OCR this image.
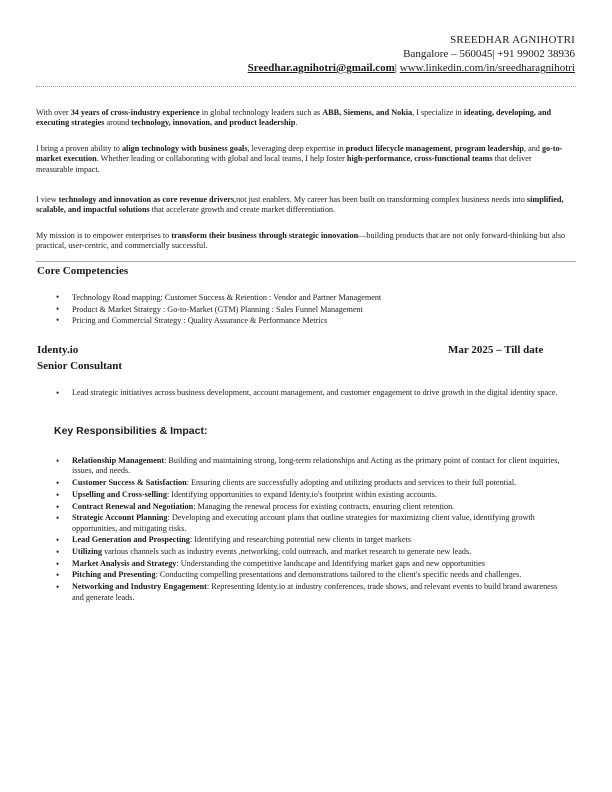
SREEDHAR AGNIHOTRI
Bangalore – 560045| +91 99002 38936
Sreedhar.agnihotri@gmail.com| www.linkedin.com/in/sreedharagnihotri
With over 34 years of cross-industry experience in global technology leaders such as ABB, Siemens, and Nokia, I specialize in ideating, developing, and executing strategies around technology, innovation, and product leadership.
I bring a proven ability to align technology with business goals, leveraging deep expertise in product lifecycle management, program leadership, and go-to-market execution. Whether leading or collaborating with global and local teams, I help foster high-performance, cross-functional teams that deliver measurable impact.
I view technology and innovation as core revenue drivers,not just enablers. My career has been built on transforming complex business needs into simplified, scalable, and impactful solutions that accelerate growth and create market differentiation.
My mission is to empower enterprises to transform their business through strategic innovation—building products that are not only forward-thinking but also practical, user-centric, and commercially successful.
Core Competencies
• Technology Road mapping: Customer Success & Retention : Vendor and Partner Management
• Product & Market Strategy : Go-to-Market (GTM) Planning : Sales Funnel Management
• Pricing and Commercial Strategy : Quality Assurance & Performance Metrics
Identy.io	Mar 2025 – Till date
Senior Consultant
• Lead strategic initiatives across business development, account management, and customer engagement to drive growth in the digital identity space.
Key Responsibilities & Impact:
• Relationship Management: Building and maintaining strong, long-term relationships and Acting as the primary point of contact for client inquiries, issues, and needs.
• Customer Success & Satisfaction: Ensuring clients are successfully adopting and utilizing products and services to their full potential.
• Upselling and Cross-selling: Identifying opportunities to expand Identy.io's footprint within existing accounts.
• Contract Renewal and Negotiation: Managing the renewal process for existing contracts, ensuring client retention.
• Strategic Account Planning: Developing and executing account plans that outline strategies for maximizing client value, identifying growth opportunities, and mitigating risks.
• Lead Generation and Prospecting: Identifying and researching potential new clients in target markets
• Utilizing various channels such as industry events ,networking, cold outreach, and market research to generate new leads.
• Market Analysis and Strategy: Understanding the competitive landscape and Identifying market gaps and new opportunities
• Pitching and Presenting: Conducting compelling presentations and demonstrations tailored to the client's specific needs and challenges.
• Networking and Industry Engagement: Representing Identy.io at industry conferences, trade shows, and relevant events to build brand awareness and generate leads.
